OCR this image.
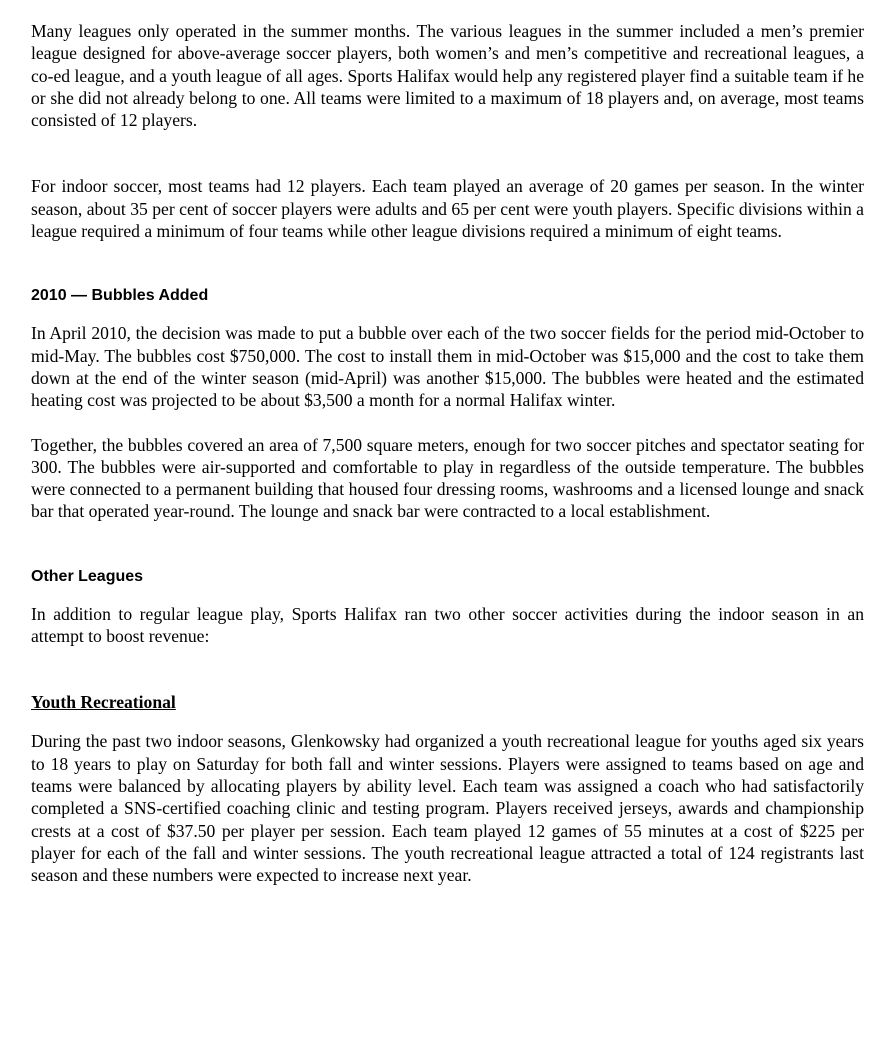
Many leagues only operated in the summer months. The various leagues in the summer included a men’s premier league designed for above-average soccer players, both women’s and men’s competitive and recreational leagues, a co-ed league, and a youth league of all ages. Sports Halifax would help any registered player find a suitable team if he or she did not already belong to one. All teams were limited to a maximum of 18 players and, on average, most teams consisted of 12 players.

For indoor soccer, most teams had 12 players. Each team played an average of 20 games per season. In the winter season, about 35 per cent of soccer players were adults and 65 per cent were youth players. Specific divisions within a league required a minimum of four teams while other league divisions required a minimum of eight teams.

2010 — Bubbles Added

In April 2010, the decision was made to put a bubble over each of the two soccer fields for the period mid-October to mid-May. The bubbles cost $750,000. The cost to install them in mid-October was $15,000 and the cost to take them down at the end of the winter season (mid-April) was another $15,000. The bubbles were heated and the estimated heating cost was projected to be about $3,500 a month for a normal Halifax winter.

Together, the bubbles covered an area of 7,500 square meters, enough for two soccer pitches and spectator seating for 300. The bubbles were air-supported and comfortable to play in regardless of the outside temperature. The bubbles were connected to a permanent building that housed four dressing rooms, washrooms and a licensed lounge and snack bar that operated year-round. The lounge and snack bar were contracted to a local establishment.

Other Leagues

In addition to regular league play, Sports Halifax ran two other soccer activities during the indoor season in an attempt to boost revenue:

Youth Recreational

During the past two indoor seasons, Glenkowsky had organized a youth recreational league for youths aged six years to 18 years to play on Saturday for both fall and winter sessions. Players were assigned to teams based on age and teams were balanced by allocating players by ability level. Each team was assigned a coach who had satisfactorily completed a SNS-certified coaching clinic and testing program. Players received jerseys, awards and championship crests at a cost of $37.50 per player per session. Each team played 12 games of 55 minutes at a cost of $225 per player for each of the fall and winter sessions. The youth recreational league attracted a total of 124 registrants last season and these numbers were expected to increase next year.
